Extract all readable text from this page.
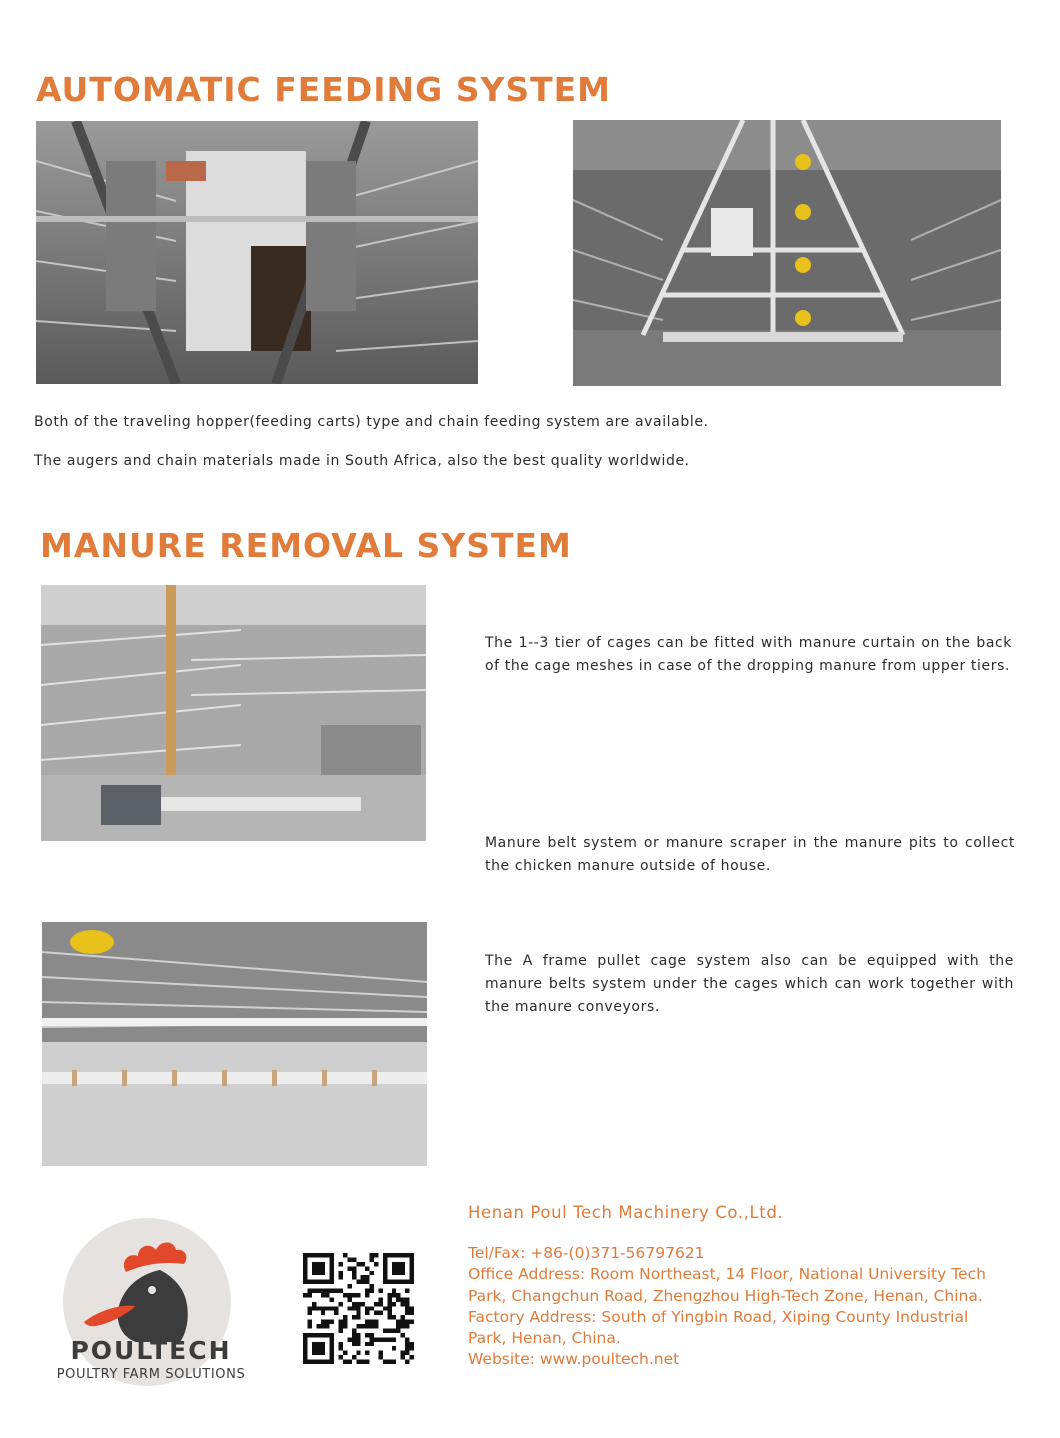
AUTOMATIC FEEDING SYSTEM
Both of the traveling hopper(feeding carts) type and chain feeding system are available.
The augers and chain materials made in South Africa, also the best quality worldwide.
MANURE REMOVAL SYSTEM
The 1--3 tier of cages can be fitted with manure curtain on the back of the cage meshes in case of the dropping manure from upper tiers.
Manure belt system or manure scraper in the manure pits to collect the chicken manure outside of house.
The A frame pullet cage system also can be equipped with the manure belts system under the cages which can work together with the manure conveyors.
POULTECH
POULTRY FARM SOLUTIONS
Henan Poul Tech Machinery Co.,Ltd.
Tel/Fax: +86-(0)371-56797621
Office Address: Room Northeast, 14 Floor, National University Tech
Park, Changchun Road, Zhengzhou High-Tech Zone, Henan, China.
Factory Address: South of Yingbin Road, Xiping County Industrial
Park, Henan, China.
Website: www.poultech.net
